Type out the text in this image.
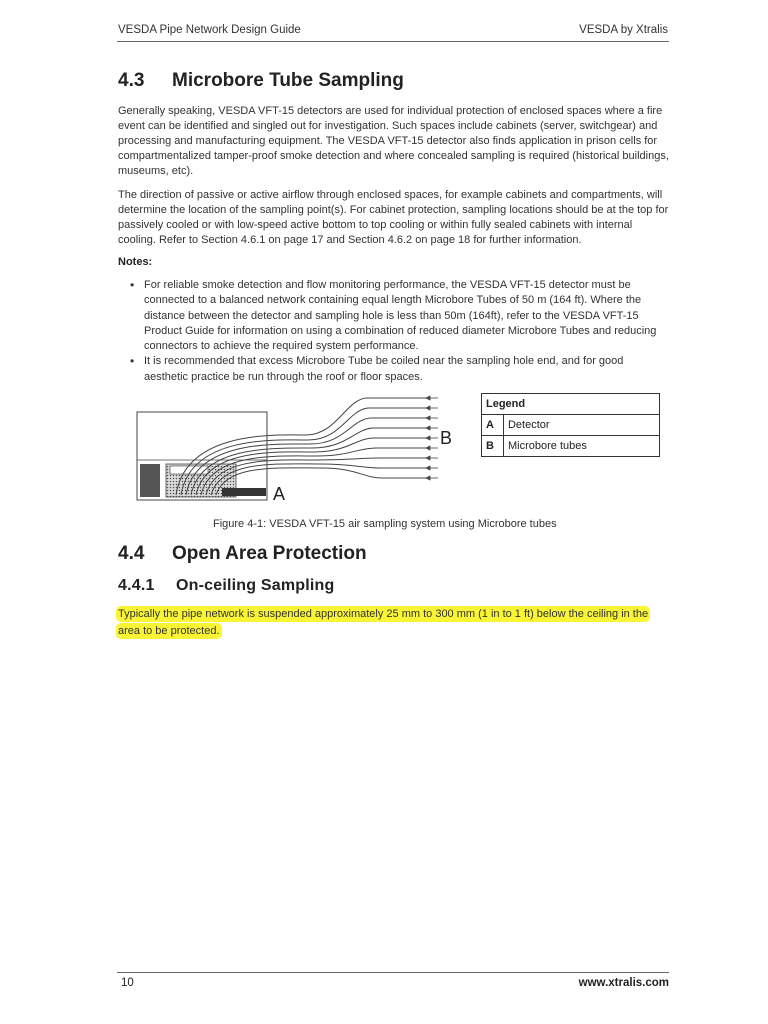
VESDA Pipe Network Design Guide	VESDA by Xtralis
4.3 Microbore Tube Sampling

Generally speaking, VESDA VFT-15 detectors are used for individual protection of enclosed spaces where a fire event can be identified and singled out for investigation. Such spaces include cabinets (server, switchgear) and processing and manufacturing equipment. The VESDA VFT-15 detector also finds application in prison cells for compartmentalized tamper-proof smoke detection and where concealed sampling is required (historical buildings, museums, etc).

The direction of passive or active airflow through enclosed spaces, for example cabinets and compartments, will determine the location of the sampling point(s). For cabinet protection, sampling locations should be at the top for passively cooled or with low-speed active bottom to top cooling or within fully sealed cabinets with internal cooling. Refer to Section 4.6.1 on page 17 and Section 4.6.2 on page 18 for further information.

Notes:
• For reliable smoke detection and flow monitoring performance, the VESDA VFT-15 detector must be connected to a balanced network containing equal length Microbore Tubes of 50 m (164 ft). Where the distance between the detector and sampling hole is less than 50m (164ft), refer to the VESDA VFT-15 Product Guide for information on using a combination of reduced diameter Microbore Tubes and reducing connectors to achieve the required system performance.
• It is recommended that excess Microbore Tube be coiled near the sampling hole end, and for good aesthetic practice be run through the roof or floor spaces.
B
A
Legend	
A	Detector
B	Microbore tubes
Figure 4-1: VESDA VFT-15 air sampling system using Microbore tubes
4.4 Open Area Protection
4.4.1 On-ceiling Sampling

Typically the pipe network is suspended approximately 25 mm to 300 mm (1 in to 1 ft) below the ceiling in the area to be protected.

10	www.xtralis.com
